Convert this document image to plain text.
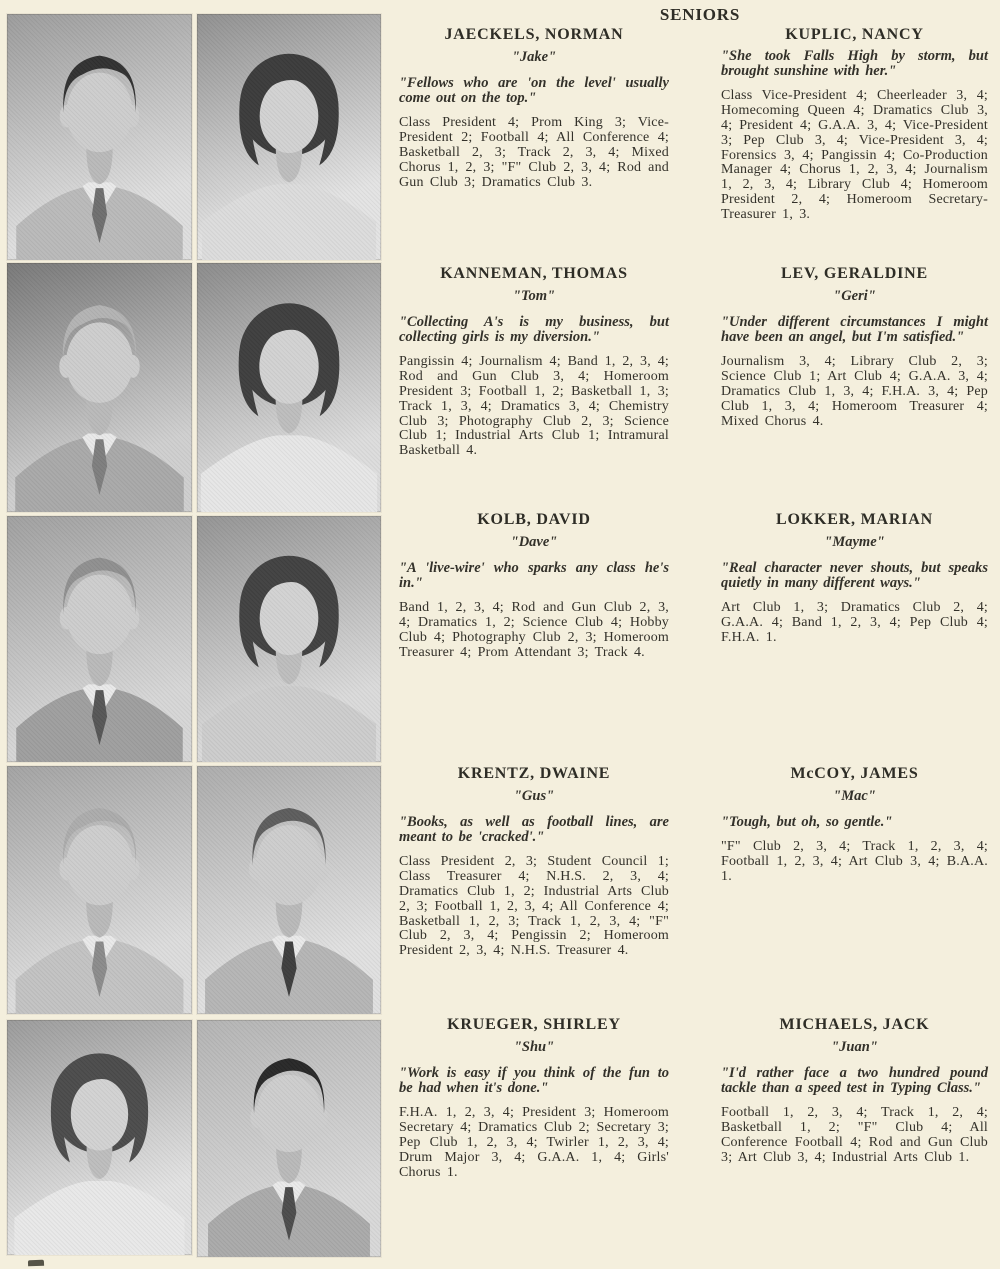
SENIORS
JAECKELS, NORMAN
"Jake"
"Fellows who are 'on the level' usually come out on the top."
Class President 4; Prom King 3; Vice-President 2; Football 4; All Conference 4; Basketball 2, 3; Track 2, 3, 4; Mixed Chorus 1, 2, 3; "F" Club 2, 3, 4; Rod and Gun Club 3; Dramatics Club 3.
KUPLIC, NANCY
"She took Falls High by storm, but brought sunshine with her."
Class Vice-President 4; Cheerleader 3, 4; Homecoming Queen 4; Dramatics Club 3, 4; President 4; G.A.A. 3, 4; Vice-President 3; Pep Club 3, 4; Vice-President 3, 4; Forensics 3, 4; Pangissin 4; Co-Production Manager 4; Chorus 1, 2, 3, 4; Journalism 1, 2, 3, 4; Library Club 4; Homeroom President 2, 4; Homeroom Secretary-Treasurer 1, 3.
KANNEMAN, THOMAS
"Tom"
"Collecting A's is my business, but collecting girls is my diversion."
Pangissin 4; Journalism 4; Band 1, 2, 3, 4; Rod and Gun Club 3, 4; Homeroom President 3; Football 1, 2; Basketball 1, 3; Track 1, 3, 4; Dramatics 3, 4; Chemistry Club 3; Photography Club 2, 3; Science Club 1; Industrial Arts Club 1; Intramural Basketball 4.
LEV, GERALDINE
"Geri"
"Under different circumstances I might have been an angel, but I'm satisfied."
Journalism 3, 4; Library Club 2, 3; Science Club 1; Art Club 4; G.A.A. 3, 4; Dramatics Club 1, 3, 4; F.H.A. 3, 4; Pep Club 1, 3, 4; Homeroom Treasurer 4; Mixed Chorus 4.
KOLB, DAVID
"Dave"
"A 'live-wire' who sparks any class he's in."
Band 1, 2, 3, 4; Rod and Gun Club 2, 3, 4; Dramatics 1, 2; Science Club 4; Hobby Club 4; Photography Club 2, 3; Homeroom Treasurer 4; Prom Attendant 3; Track 4.
LOKKER, MARIAN
"Mayme"
"Real character never shouts, but speaks quietly in many different ways."
Art Club 1, 3; Dramatics Club 2, 4; G.A.A. 4; Band 1, 2, 3, 4; Pep Club 4; F.H.A. 1.
KRENTZ, DWAINE
"Gus"
"Books, as well as football lines, are meant to be 'cracked'."
Class President 2, 3; Student Council 1; Class Treasurer 4; N.H.S. 2, 3, 4; Dramatics Club 1, 2; Industrial Arts Club 2, 3; Football 1, 2, 3, 4; All Conference 4; Basketball 1, 2, 3; Track 1, 2, 3, 4; "F" Club 2, 3, 4; Pengissin 2; Homeroom President 2, 3, 4; N.H.S. Treasurer 4.
McCOY, JAMES
"Mac"
"Tough, but oh, so gentle."
"F" Club 2, 3, 4; Track 1, 2, 3, 4; Football 1, 2, 3, 4; Art Club 3, 4; B.A.A. 1.
KRUEGER, SHIRLEY
"Shu"
"Work is easy if you think of the fun to be had when it's done."
F.H.A. 1, 2, 3, 4; President 3; Homeroom Secretary 4; Dramatics Club 2; Secretary 3; Pep Club 1, 2, 3, 4; Twirler 1, 2, 3, 4; Drum Major 3, 4; G.A.A. 1, 4; Girls' Chorus 1.
MICHAELS, JACK
"Juan"
"I'd rather face a two hundred pound tackle than a speed test in Typing Class."
Football 1, 2, 3, 4; Track 1, 2, 4; Basketball 1, 2; "F" Club 4; All Conference Football 4; Rod and Gun Club 3; Art Club 3, 4; Industrial Arts Club 1.
